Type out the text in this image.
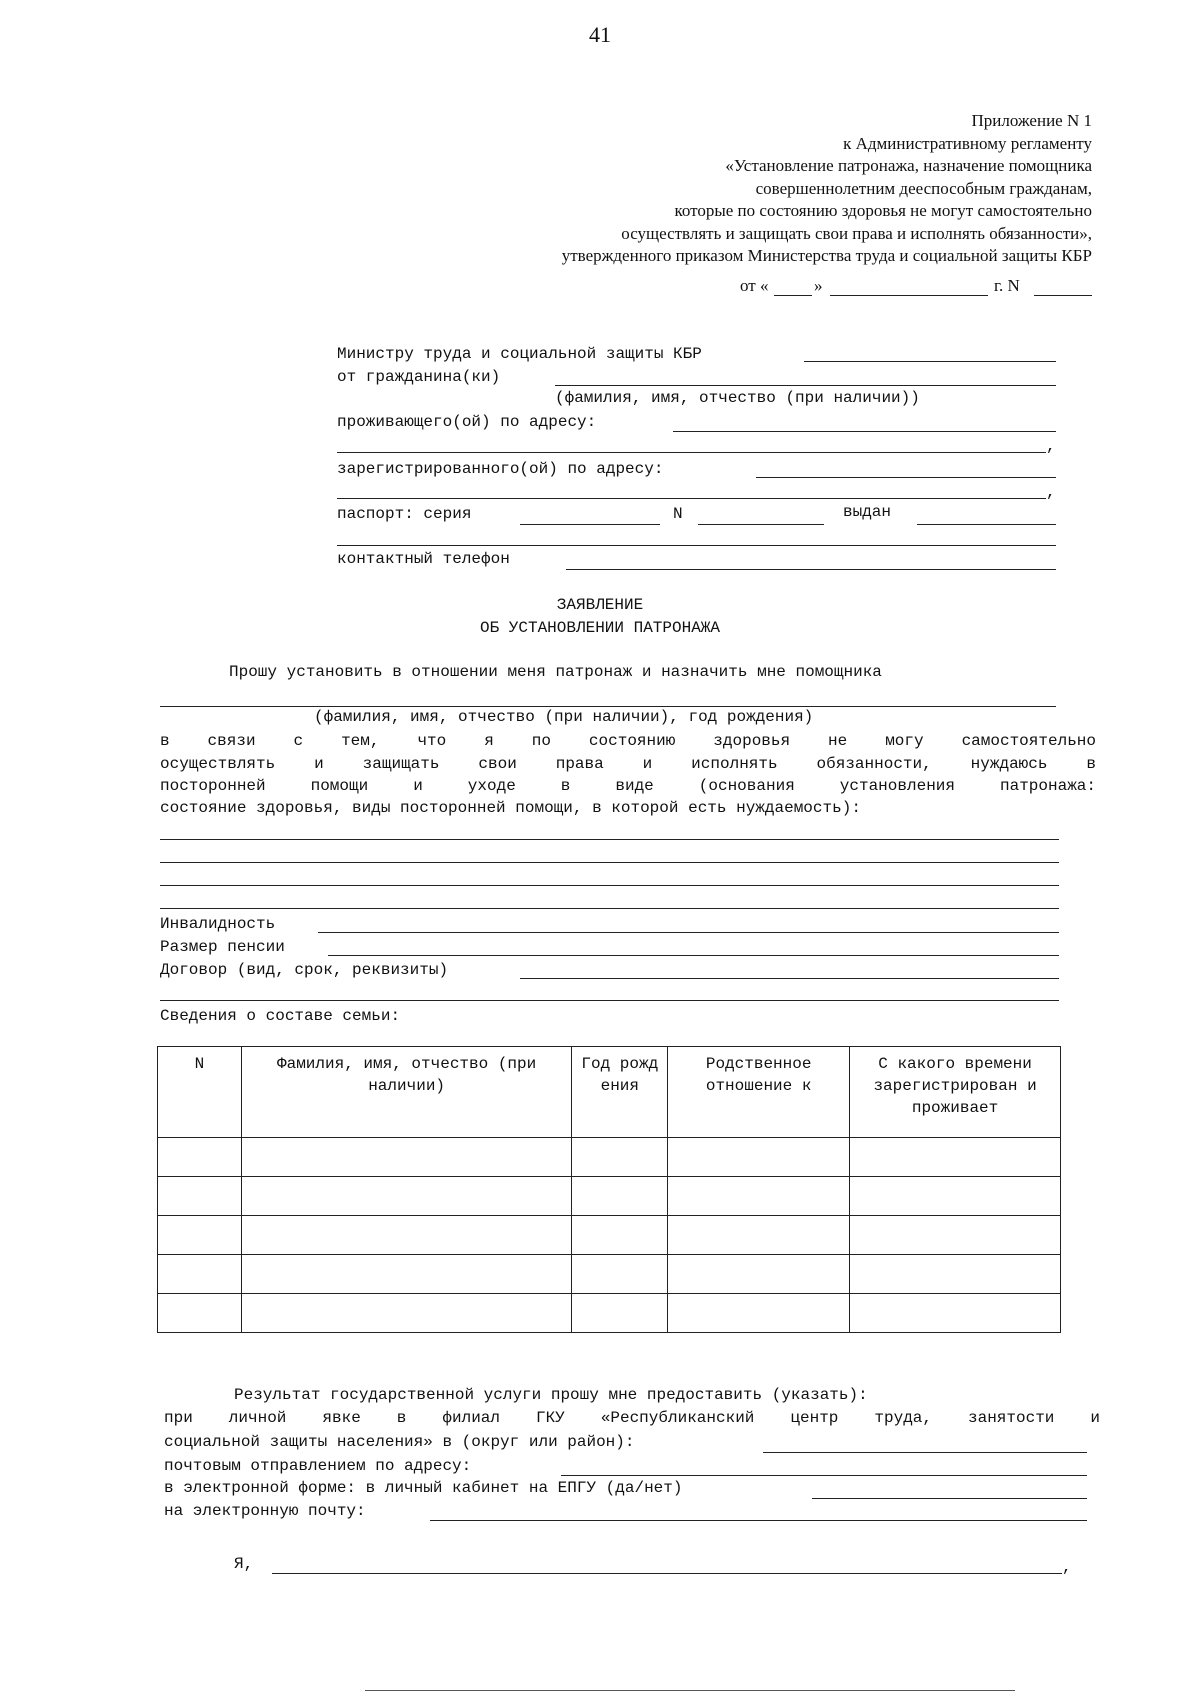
41
Приложение N 1
к Административному регламенту
«Установление патронажа, назначение помощника
совершеннолетним дееспособным гражданам,
которые по состоянию здоровья не могут самостоятельно
осуществлять и защищать свои права и исполнять обязанности»,
утвержденного приказом Министерства труда и социальной защиты КБР
от «	»	г. N
Министру труда и социальной защиты КБР
от гражданина(ки)
(фамилия, имя, отчество (при наличии))
проживающего(ой) по адресу:
,
зарегистрированного(ой) по адресу:
,
паспорт: серия	N	выдан
контактный телефон
ЗАЯВЛЕНИЕ
ОБ УСТАНОВЛЕНИИ ПАТРОНАЖА
Прошу установить в отношении меня патронаж и назначить мне помощника
(фамилия, имя, отчество (при наличии), год рождения)
в связи с тем, что я по состоянию здоровья не могу самостоятельно
осуществлять и защищать свои права и исполнять обязанности, нуждаюсь в
посторонней помощи и уходе в виде (основания установления патронажа:
состояние здоровья, виды посторонней помощи, в которой есть нуждаемость):
Инвалидность
Размер пенсии
Договор (вид, срок, реквизиты)
Сведения о составе семьи:
N	Фамилия, имя, отчество (при наличии)	Год рождения	Родственное отношение к	С какого времени зарегистрирован и проживает

Результат государственной услуги прошу мне предоставить (указать):
при личной явке в филиал ГКУ «Республиканский центр труда, занятости и
социальной защиты населения» в (округ или район):
почтовым отправлением по адресу:
в электронной форме: в личный кабинет на ЕПГУ (да/нет)
на электронную почту:
Я,	,
